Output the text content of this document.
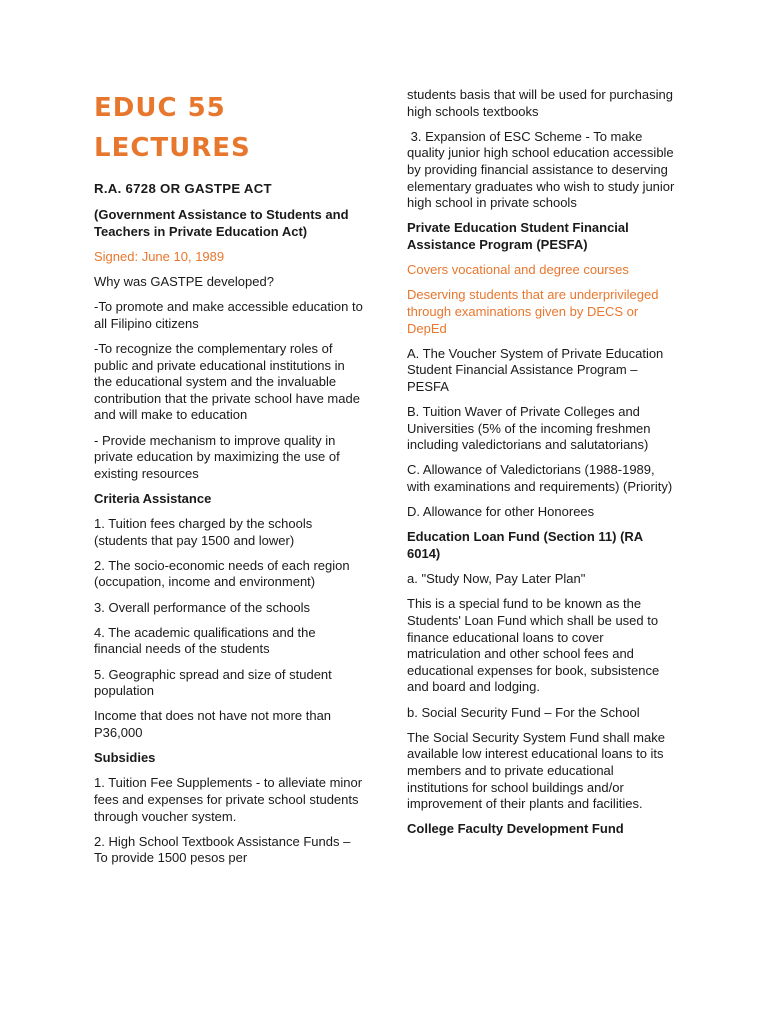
EDUC 55 LECTURES
R.A. 6728 OR GASTPE ACT
(Government Assistance to Students and Teachers in Private Education Act)
Signed: June 10, 1989
Why was GASTPE developed?
-To promote and make accessible education to all Filipino citizens
-To recognize the complementary roles of public and private educational institutions in the educational system and the invaluable contribution that the private school have made and will make to education
- Provide mechanism to improve quality in private education by maximizing the use of existing resources
Criteria Assistance
1. Tuition fees charged by the schools (students that pay 1500 and lower)
2. The socio-economic needs of each region (occupation, income and environment)
3. Overall performance of the schools
4. The academic qualifications and the financial needs of the students
5. Geographic spread and size of student population
Income that does not have not more than P36,000
Subsidies
1. Tuition Fee Supplements - to alleviate minor fees and expenses for private school students through voucher system.
2. High School Textbook Assistance Funds – To provide 1500 pesos per
students basis that will be used for purchasing high schools textbooks
3. Expansion of ESC Scheme - To make quality junior high school education accessible by providing financial assistance to deserving elementary graduates who wish to study junior high school in private schools
Private Education Student Financial Assistance Program (PESFA)
Covers vocational and degree courses
Deserving students that are underprivileged through examinations given by DECS or DepEd
A. The Voucher System of Private Education Student Financial Assistance Program – PESFA
B. Tuition Waver of Private Colleges and Universities (5% of the incoming freshmen including valedictorians and salutatorians)
C. Allowance of Valedictorians (1988-1989, with examinations and requirements) (Priority)
D. Allowance for other Honorees
Education Loan Fund (Section 11) (RA 6014)
a. "Study Now, Pay Later Plan"
This is a special fund to be known as the Students' Loan Fund which shall be used to finance educational loans to cover matriculation and other school fees and educational expenses for book, subsistence and board and lodging.
b. Social Security Fund – For the School
The Social Security System Fund shall make available low interest educational loans to its members and to private educational institutions for school buildings and/or improvement of their plants and facilities.
College Faculty Development Fund
